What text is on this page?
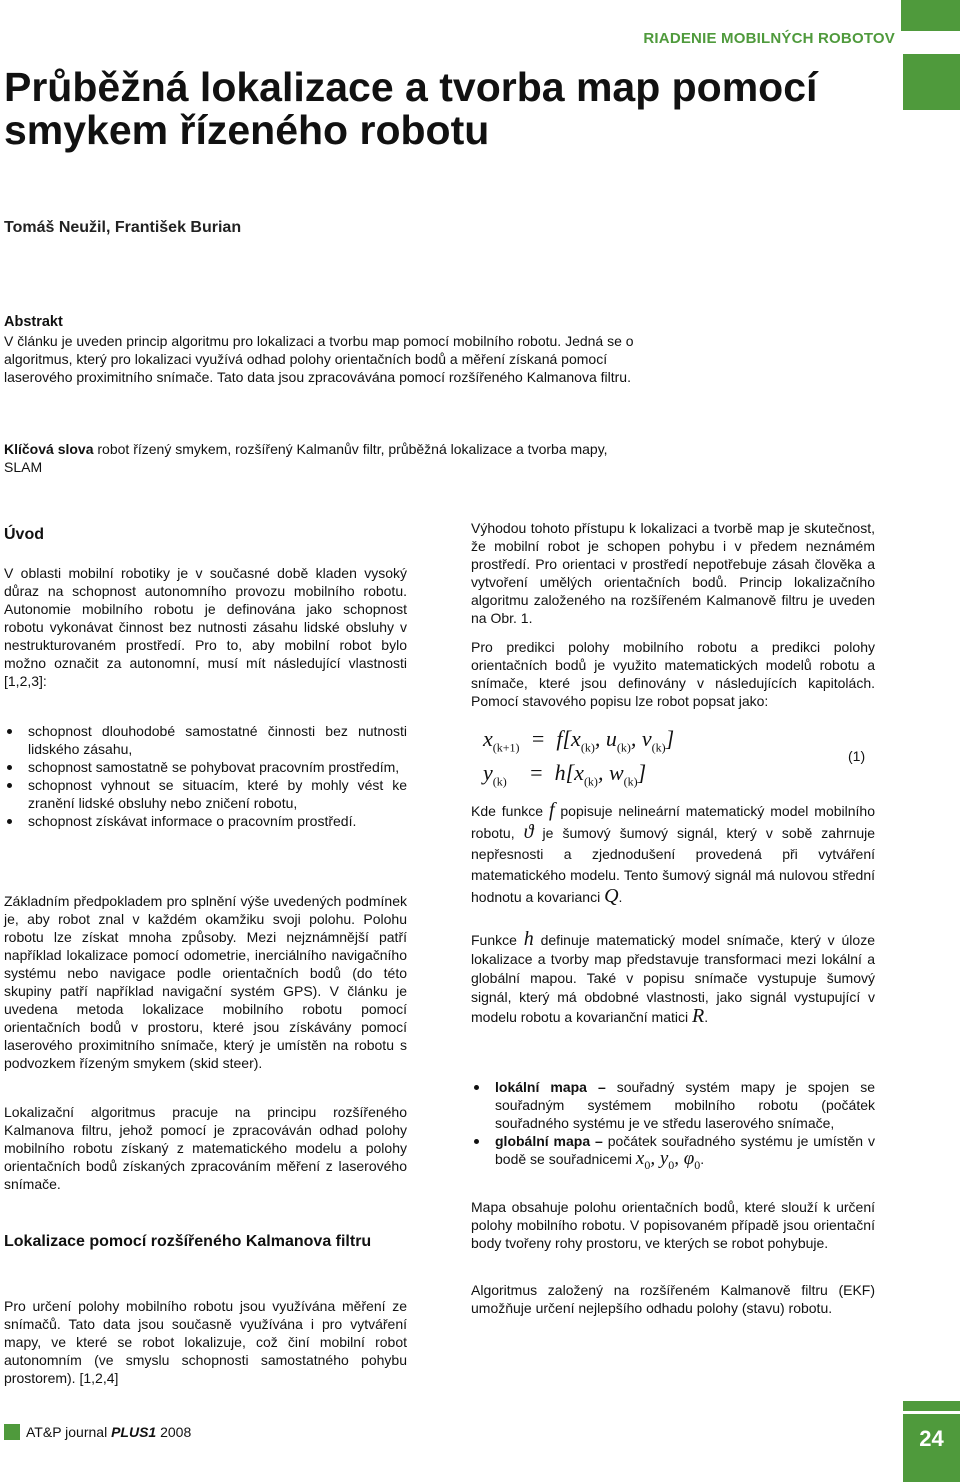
RIADENIE MOBILNÝCH ROBOTOV
Průběžná lokalizace a tvorba map pomocí smykem řízeného robotu
Tomáš Neužil, František Burian
Abstrakt
V článku je uveden princip algoritmu pro lokalizaci a tvorbu map pomocí mobilního robotu. Jedná se o algoritmus, který pro lokalizaci využívá odhad polohy orientačních bodů a měření získaná pomocí laserového proximitního snímače. Tato data jsou zpracovávána pomocí rozšířeného Kalmanova filtru.
Klíčová slova robot řízený smykem, rozšířený Kalmanův filtr, průběžná lokalizace a tvorba mapy, SLAM
Úvod
V oblasti mobilní robotiky je v současné době kladen vysoký důraz na schopnost autonomního provozu mobilního robotu. Autonomie mobilního robotu je definována jako schopnost robotu vykonávat činnost bez nutnosti zásahu lidské obsluhy v nestrukturovaném prostředí. Pro to, aby mobilní robot bylo možno označit za autonomní, musí mít následující vlastnosti [1,2,3]:
schopnost dlouhodobé samostatné činnosti bez nutnosti lidského zásahu,
schopnost samostatně se pohybovat pracovním prostředím,
schopnost vyhnout se situacím, které by mohly vést ke zranění lidské obsluhy nebo zničení robotu,
schopnost získávat informace o pracovním prostředí.
Základním předpokladem pro splnění výše uvedených podmínek je, aby robot znal v každém okamžiku svoji polohu. Polohu robotu lze získat mnoha způsoby. Mezi nejznámnější patří například lokalizace pomocí odometrie, inerciálního navigačního systému nebo navigace podle orientačních bodů (do této skupiny patří například navigační systém GPS). V článku je uvedena metoda lokalizace mobilního robotu pomocí orientačních bodů v prostoru, které jsou získávány pomocí laserového proximitního snímače, který je umístěn na robotu s podvozkem řízeným smykem (skid steer).
Lokalizační algoritmus pracuje na principu rozšířeného Kalmanova filtru, jehož pomocí je zpracováván odhad polohy mobilního robotu získaný z matematického modelu a polohy orientačních bodů získaných zpracováním měření z laserového snímače.
Lokalizace pomocí rozšířeného Kalmanova filtru
Pro určení polohy mobilního robotu jsou využívána měření ze snímačů. Tato data jsou současně využívána i pro vytváření mapy, ve které se robot lokalizuje, což činí mobilní robot autonomním (ve smyslu schopnosti samostatného pohybu prostorem). [1,2,4]
Výhodou tohoto přístupu k lokalizaci a tvorbě map je skutečnost, že mobilní robot je schopen pohybu i v předem neznámém prostředí. Pro orientaci v prostředí nepotřebuje zásah člověka a vytvoření umělých orientačních bodů. Princip lokalizačního algoritmu založeného na rozšířeném Kalmanově filtru je uveden na Obr. 1.
Pro predikci polohy mobilního robotu a predikci polohy orientačních bodů je využito matematických modelů robotu a snímače, které jsou definovány v následujících kapitolách. Pomocí stavového popisu lze robot popsat jako:
$x_{(k+1)} = f[x_{(k)}$, $u_{(k)}$, $v_{(k)}$]
$y_{(k)}$    =  $h[x_{(k)}$, $w_{(k)}$]
(1)
Kde funkce f popisuje nelineární matematický model mobilního robotu, ϑ je šumový šumový signál, který v sobě zahrnuje nepřesnosti a zjednodušení provedená při vytváření matematického modelu. Tento šumový signál má nulovou střední hodnotu a kovarianci Q.
Funkce h definuje matematický model snímače, který v úloze lokalizace a tvorby map představuje transformaci mezi lokální a globální mapou. Také v popisu snímače vystupuje šumový signál, který má obdobné vlastnosti, jako signál vystupující v modelu robotu a kovarianční matici R.
lokální mapa – souřadný systém mapy je spojen se souřadným systémem mobilního robotu (počátek souřadného systému je ve středu laserového snímače,
globální mapa – počátek souřadného systému je umístěn v bodě se souřadnicemi $x_0$, $y_0$, $\varphi_0$.
Mapa obsahuje polohu orientačních bodů, které slouží k určení polohy mobilního robotu. V popisovaném případě jsou orientační body tvořeny rohy prostoru, ve kterých se robot pohybuje.
Algoritmus založený na rozšířeném Kalmanově filtru (EKF) umožňuje určení nejlepšího odhadu polohy (stavu) robotu.
AT&P journal PLUS1 2008	24
